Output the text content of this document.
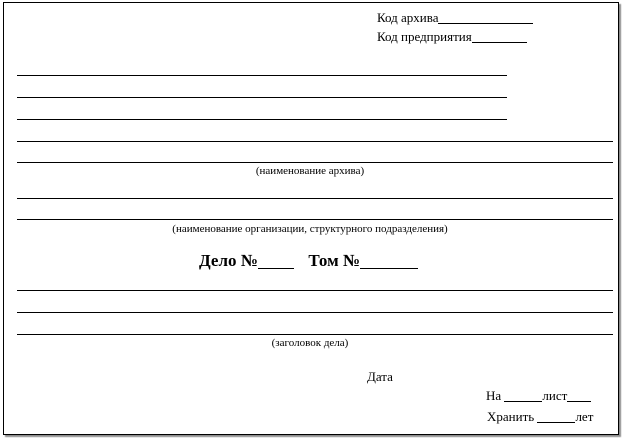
Код архива
Код предприятия
(наименование архива)
(наименование организации, структурного подразделения)
Дело №	Том №
(заголовок дела)
Дата
На	лист
Хранить	лет
